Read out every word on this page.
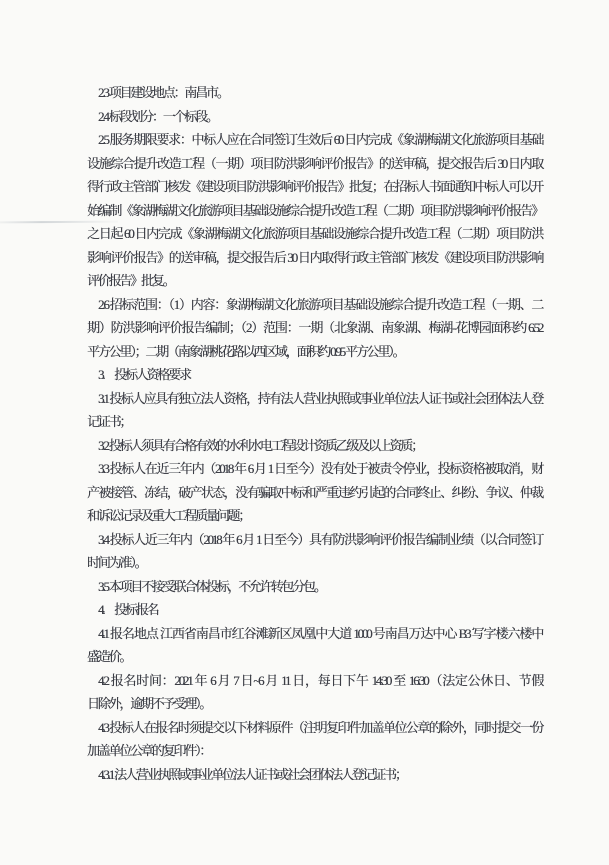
2.3 项目建设地点：南昌市。
2.4 标段划分：一个标段。
2.5 服务期限要求：中标人应在合同签订生效后 60 日内完成《象湖梅湖文化旅游项目基础
设施综合提升改造工程（一期）项目防洪影响评价报告》的送审稿，提交报告后 30 日内取
得行政主管部门核发《建设项目防洪影响评价报告》批复；在招标人书面通知中标人可以开
始编制《象湖梅湖文化旅游项目基础设施综合提升改造工程（二期）项目防洪影响评价报告》
之日起 60 日内完成《象湖梅湖文化旅游项目基础设施综合提升改造工程（二期）项目防洪
影响评价报告》的送审稿，提交报告后 30 日内取得行政主管部门核发《建设项目防洪影响
评价报告》批复。
2.6 招标范围：（1）内容：象湖梅湖文化旅游项目基础设施综合提升改造工程（一期、二
期）防洪影响评价报告编制；（2）范围：一期（北象湖、南象湖、梅湖-花博园面积约 6.52
平方公里）；二期（南象湖桃花路以西区域，面积约 0.95 平方公里）。
3.　投标人资格要求
3.1 投标人应具有独立法人资格，持有法人营业执照或事业单位法人证书或社会团体法人登
记证书；
3.2 投标人须具有合格有效的水利水电工程设计资质乙级及以上资质；
3.3 投标人在近三年内（2018 年 6 月 1 日至今）没有处于被责令停业，投标资格被取消，财
产被接管、冻结，破产状态，没有骗取中标和严重违约引起的合同终止、纠纷、争议、仲裁
和诉讼记录及重大工程质量问题；
3.4 投标人近三年内（2018 年 6 月 1 日至今）具有防洪影响评价报告编制业绩（以合同签订
时间为准）。
3.5 本项目不接受联合体投标，不允许转包分包。
4.　投标报名
4.1 报名地点 江西省南昌市红谷滩新区凤凰中大道 1000 号南昌万达中心 B3 写字楼六楼中
盛造价。
4.2 报名时间：2021 年 6 月 7 日~6 月 11 日，每日下午 14:30 至 16:30（法定公休日、节假
日除外，逾期不予受理）。
4.3 投标人在报名时须提交以下材料原件（注明复印件加盖单位公章的除外，同时提交一份
加盖单位公章的复印件）：
4.3.1 法人营业执照或事业单位法人证书或社会团体法人登记证书；
